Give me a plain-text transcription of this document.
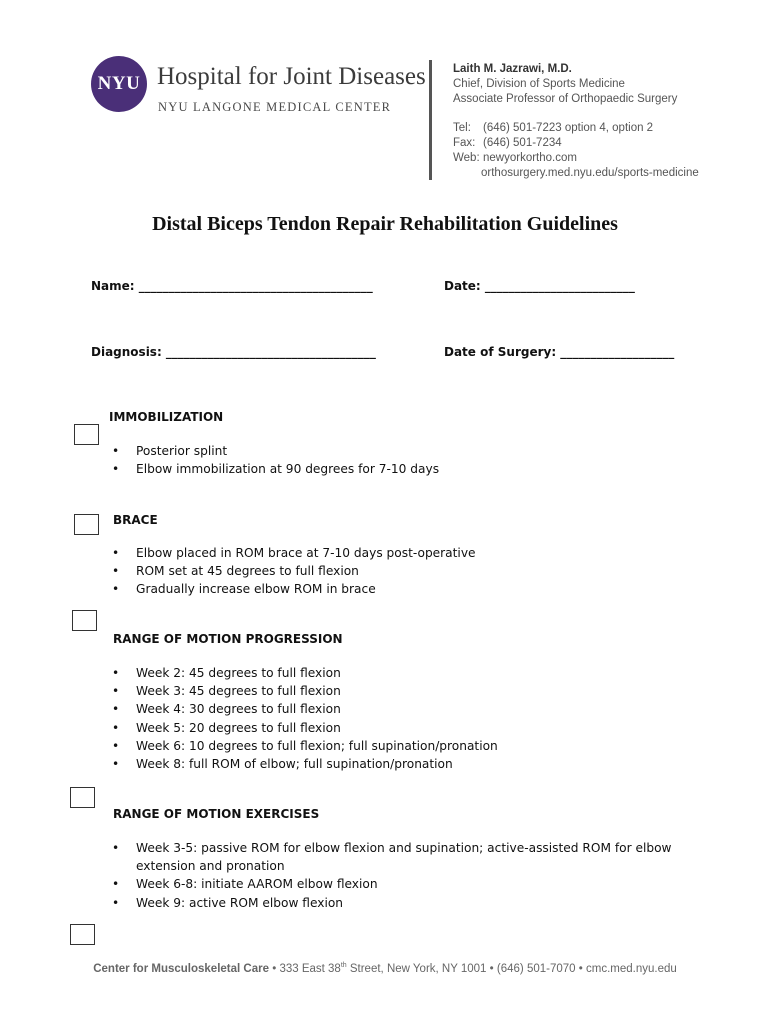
NYU Hospital for Joint Diseases
NYU LANGONE MEDICAL CENTER
Laith M. Jazrawi, M.D.
Chief, Division of Sports Medicine
Associate Professor of Orthopaedic Surgery
Tel: (646) 501-7223 option 4, option 2
Fax: (646) 501-7234
Web: newyorkortho.com
orthosurgery.med.nyu.edu/sports-medicine
Distal Biceps Tendon Repair Rehabilitation Guidelines
Name: _______________________________________	Date: _________________________
Diagnosis: ___________________________________	Date of Surgery: ___________________
IMMOBILIZATION
• Posterior splint
• Elbow immobilization at 90 degrees for 7-10 days
BRACE
• Elbow placed in ROM brace at 7-10 days post-operative
• ROM set at 45 degrees to full flexion
• Gradually increase elbow ROM in brace
RANGE OF MOTION PROGRESSION
• Week 2: 45 degrees to full flexion
• Week 3: 45 degrees to full flexion
• Week 4: 30 degrees to full flexion
• Week 5: 20 degrees to full flexion
• Week 6: 10 degrees to full flexion; full supination/pronation
• Week 8: full ROM of elbow; full supination/pronation
RANGE OF MOTION EXERCISES
• Week 3-5: passive ROM for elbow flexion and supination; active-assisted ROM for elbow
extension and pronation
• Week 6-8: initiate AAROM elbow flexion
• Week 9: active ROM elbow flexion
Center for Musculoskeletal Care • 333 East 38th Street, New York, NY 1001 • (646) 501-7070 • cmc.med.nyu.edu
